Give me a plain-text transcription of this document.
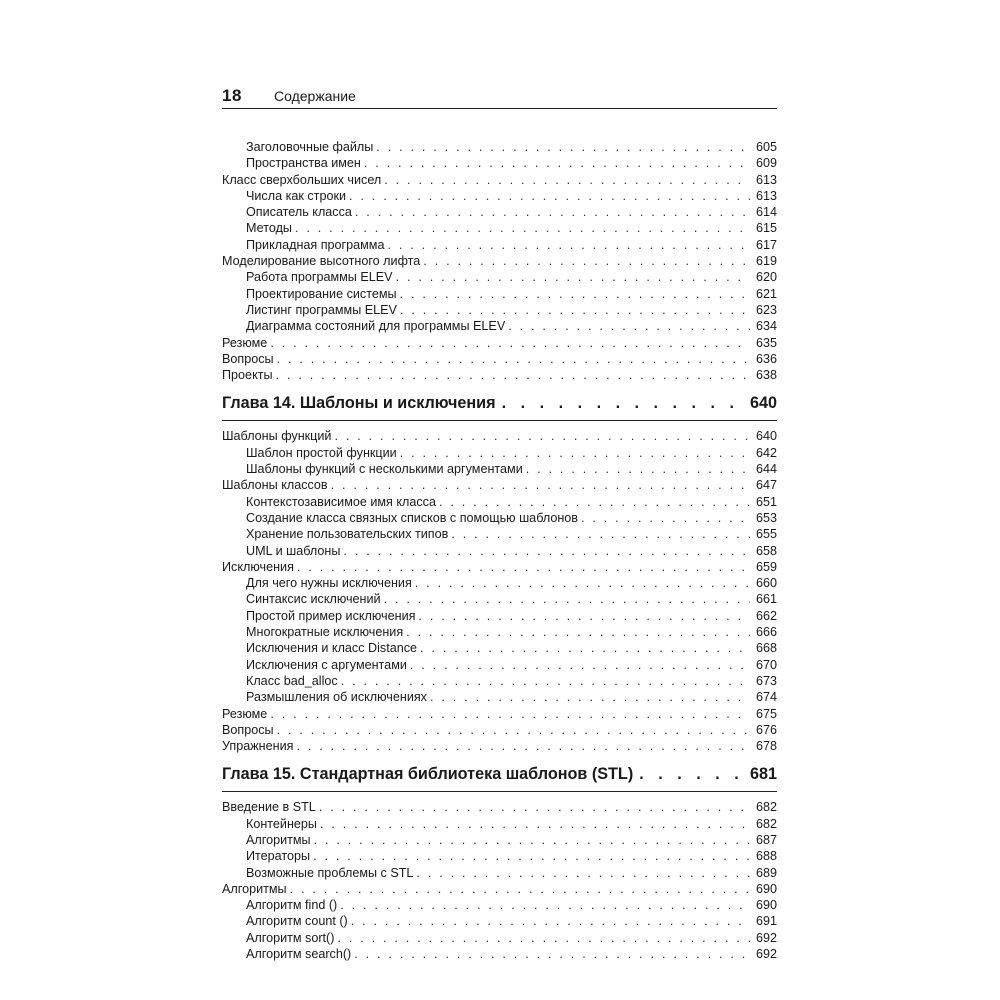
18	Содержание
Заголовочные файлы . . .	605
Пространства имен . . .	609
Класс сверхбольших чисел . . .	613
Числа как строки . . .	613
Описатель класса . . .	614
Методы . . .	615
Прикладная программа . . .	617
Моделирование высотного лифта . . .	619
Работа программы ELEV . . .	620
Проектирование системы . . .	621
Листинг программы ELEV . . .	623
Диаграмма состояний для программы ELEV . . .	634
Резюме . . .	635
Вопросы . . .	636
Проекты . . .	638
Глава 14. Шаблоны и исключения . . .	640
Шаблоны функций . . .	640
Шаблон простой функции . . .	642
Шаблоны функций с несколькими аргументами . . .	644
Шаблоны классов . . .	647
Контекстозависимое имя класса . . .	651
Создание класса связных списков с помощью шаблонов . . .	653
Хранение пользовательских типов . . .	655
UML и шаблоны . . .	658
Исключения . . .	659
Для чего нужны исключения . . .	660
Синтаксис исключений . . .	661
Простой пример исключения . . .	662
Многократные исключения . . .	666
Исключения и класс Distance . . .	668
Исключения с аргументами . . .	670
Класс bad_alloc . . .	673
Размышления об исключениях . . .	674
Резюме . . .	675
Вопросы . . .	676
Упражнения . . .	678
Глава 15. Стандартная библиотека шаблонов (STL) . . .	681
Введение в STL . . .	682
Контейнеры . . .	682
Алгоритмы . . .	687
Итераторы . . .	688
Возможные проблемы с STL . . .	689
Алгоритмы . . .	690
Алгоритм find () . . .	690
Алгоритм count () . . .	691
Алгоритм sort() . . .	692
Алгоритм search() . . .	692
